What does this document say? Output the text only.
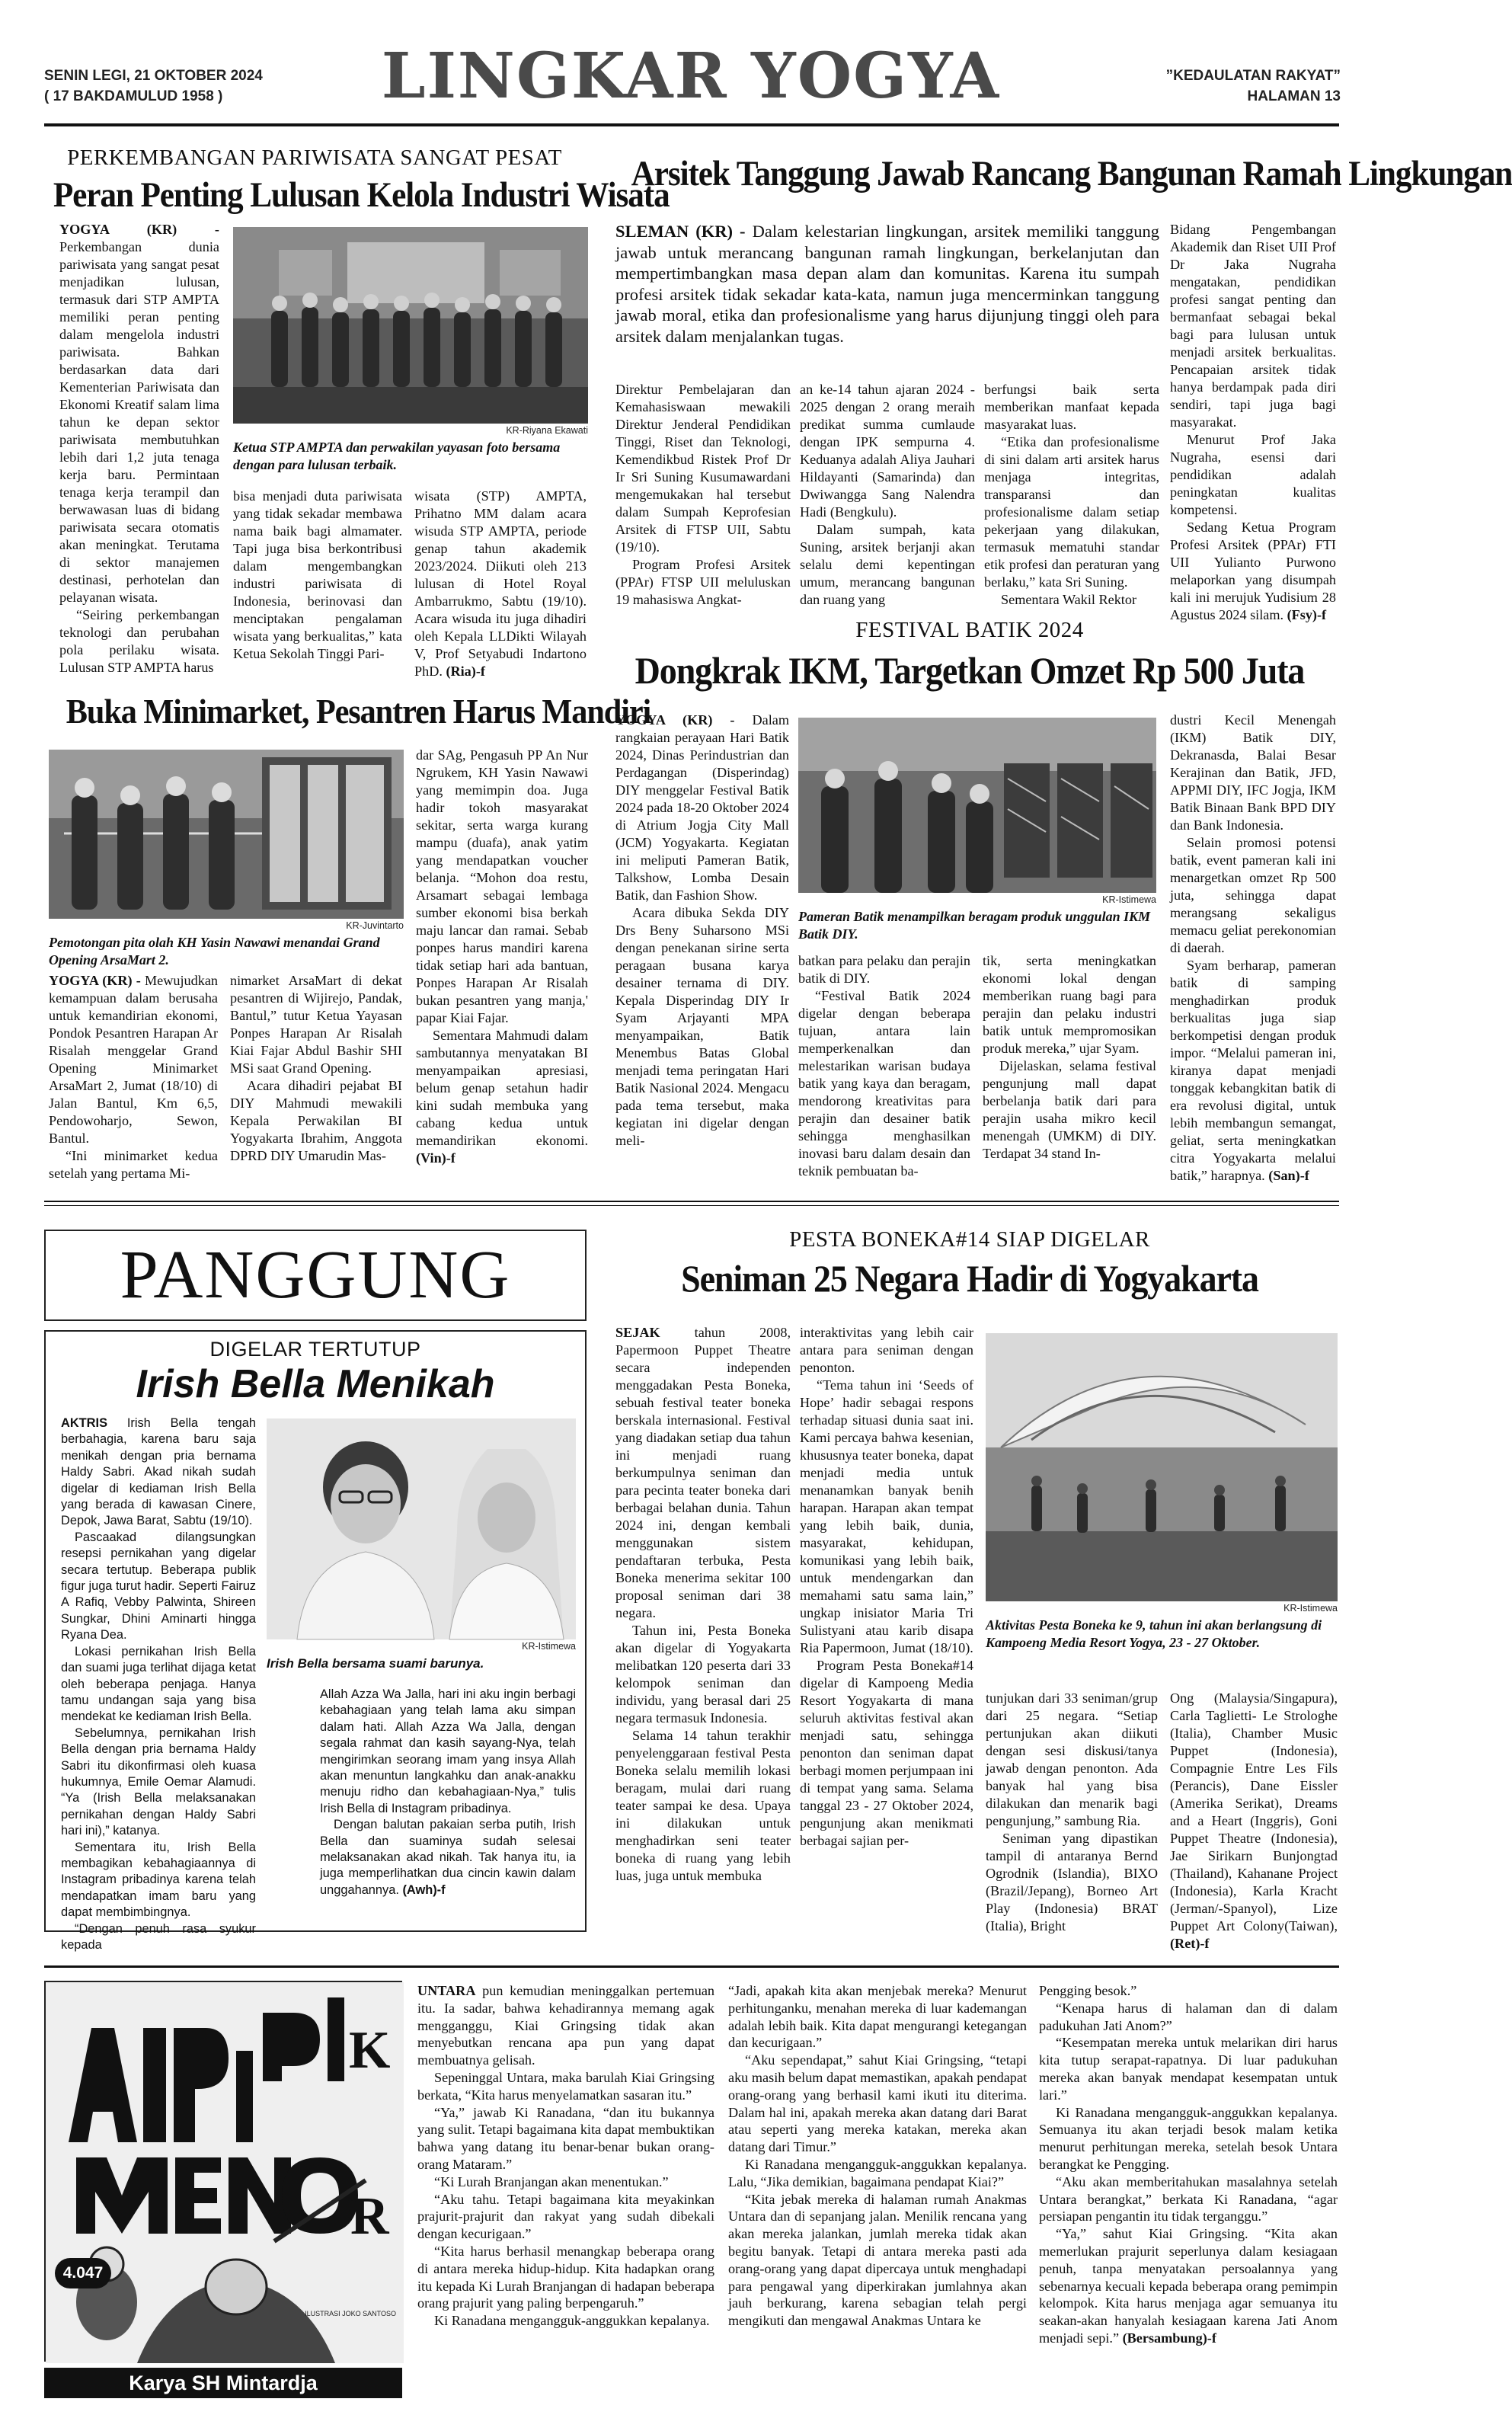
SENIN LEGI, 21 OKTOBER 2024
( 17 BAKDAMULUD 1958 )	LINGKAR YOGYA	”KEDAULATAN RAKYAT”
HALAMAN 13
PERKEMBANGAN PARIWISATA SANGAT PESAT
Peran Penting Lulusan Kelola Industri Wisata
KR-Riyana Ekawati
Ketua STP AMPTA dan perwakilan yayasan foto bersama dengan para lulusan terbaik.

YOGYA (KR) - Perkembangan dunia pariwisata yang sangat pesat menjadikan lulusan, termasuk dari STP AMPTA memiliki peran penting dalam mengelola industri pariwisata. Bahkan berdasarkan data dari Kementerian Pariwisata dan Ekonomi Kreatif salam lima tahun ke depan sektor pariwisata membutuhkan lebih dari 1,2 juta tenaga kerja baru. Permintaan tenaga kerja terampil dan berwawasan luas di bidang pariwisata secara otomatis akan meningkat. Terutama di sektor manajemen destinasi, perhotelan dan pelayanan wisata.

“Seiring perkembangan teknologi dan perubahan pola perilaku wisata. Lulusan STP AMPTA harus

bisa menjadi duta pariwisata yang tidak sekadar membawa nama baik bagi almamater. Tapi juga bisa berkontribusi dalam mengembangkan industri pariwisata di Indonesia, berinovasi dan menciptakan pengalaman wisata yang berkualitas,” kata Ketua Sekolah Tinggi Pari-

wisata (STP) AMPTA, Prihatno MM dalam acara wisuda STP AMPTA, periode genap tahun akademik 2023/2024. Diikuti oleh 213 lulusan di Hotel Royal Ambarrukmo, Sabtu (19/10). Acara wisuda itu juga dihadiri oleh Kepala LLDikti Wilayah V, Prof Setyabudi Indartono PhD. (Ria)-f

Arsitek Tanggung Jawab Rancang Bangunan Ramah Lingkungan

SLEMAN (KR) - Dalam kelestarian lingkungan, arsitek memiliki tanggung jawab untuk merancang bangunan ramah lingkungan, berkelanjutan dan mempertimbangkan masa depan alam dan komunitas. Karena itu sumpah profesi arsitek tidak sekadar kata-kata, namun juga mencerminkan tanggung jawab moral, etika dan profesionalisme yang harus dijunjung tinggi oleh para arsitek dalam menjalankan tugas.

Direktur Pembelajaran dan Kemahasiswaan mewakili Direktur Jenderal Pendidikan Tinggi, Riset dan Teknologi, Kemendikbud Ristek Prof Dr Ir Sri Suning Kusumawardani mengemukakan hal tersebut dalam Sumpah Keprofesian Arsitek di FTSP UII, Sabtu (19/10).

Program Profesi Arsitek (PPAr) FTSP UII meluluskan 19 mahasiswa Angkat-

an ke-14 tahun ajaran 2024 - 2025 dengan 2 orang meraih predikat summa cumlaude dengan IPK sempurna 4. Keduanya adalah Aliya Jauhari Hildayanti (Samarinda) dan Dwiwangga Sang Nalendra Hadi (Bengkulu).

Dalam sumpah, kata Suning, arsitek berjanji akan selalu demi kepentingan umum, merancang bangunan dan ruang yang

berfungsi baik serta memberikan manfaat kepada masyarakat luas.

“Etika dan profesionalisme di sini dalam arti arsitek harus menjaga integritas, transparansi dan profesionalisme dalam setiap pekerjaan yang dilakukan, termasuk mematuhi standar etik profesi dan peraturan yang berlaku,” kata Sri Suning.

Sementara Wakil Rektor

Bidang Pengembangan Akademik dan Riset UII Prof Dr Jaka Nugraha mengatakan, pendidikan profesi sangat penting dan bermanfaat sebagai bekal bagi para lulusan untuk menjadi arsitek berkualitas. Pencapaian arsitek tidak hanya berdampak pada diri sendiri, tapi juga bagi masyarakat.

Menurut Prof Jaka Nugraha, esensi dari pendidikan adalah peningkatan kualitas kompetensi.

Sedang Ketua Program Profesi Arsitek (PPAr) FTI UII Yulianto Purwono melaporkan yang disumpah kali ini merujuk Yudisium 28 Agustus 2024 silam. (Fsy)-f

Buka Minimarket, Pesantren Harus Mandiri
KR-Juvintarto
Pemotongan pita olah KH Yasin Nawawi menandai Grand Opening ArsaMart 2.

YOGYA (KR) - Mewujudkan kemampuan dalam berusaha untuk kemandirian ekonomi, Pondok Pesantren Harapan Ar Risalah menggelar Grand Opening Minimarket ArsaMart 2, Jumat (18/10) di Jalan Bantul, Km 6,5, Pendowoharjo, Sewon, Bantul.

“Ini minimarket kedua setelah yang pertama Mi-

nimarket ArsaMart di dekat pesantren di Wijirejo, Pandak, Bantul,” tutur Ketua Yayasan Ponpes Harapan Ar Risalah Kiai Fajar Abdul Bashir SHI MSi saat Grand Opening.

Acara dihadiri pejabat BI DIY Mahmudi mewakili Kepala Perwakilan BI Yogyakarta Ibrahim, Anggota DPRD DIY Umarudin Mas-

dar SAg, Pengasuh PP An Nur Ngrukem, KH Yasin Nawawi yang memimpin doa. Juga hadir tokoh masyarakat sekitar, serta warga kurang mampu (duafa), anak yatim yang mendapatkan voucher belanja. “Mohon doa restu, Arsamart sebagai lembaga sumber ekonomi bisa berkah maju lancar dan ramai. Sebab ponpes harus mandiri karena tidak setiap hari ada bantuan, Ponpes Harapan Ar Risalah bukan pesantren yang manja,' papar Kiai Fajar.

Sementara Mahmudi dalam sambutannya menyatakan BI menyampaikan apresiasi, belum genap setahun hadir kini sudah membuka yang cabang kedua untuk memandirikan ekonomi. (Vin)-f

FESTIVAL BATIK 2024
Dongkrak IKM, Targetkan Omzet Rp 500 Juta

YOGYA (KR) - Dalam rangkaian perayaan Hari Batik 2024, Dinas Perindustrian dan Perdagangan (Disperindag) DIY menggelar Festival Batik 2024 pada 18-20 Oktober 2024 di Atrium Jogja City Mall (JCM) Yogyakarta. Kegiatan ini meliputi Pameran Batik, Talkshow, Lomba Desain Batik, dan Fashion Show.

Acara dibuka Sekda DIY Drs Beny Suharsono MSi dengan penekanan sirine serta peragaan busana karya desainer ternama di DIY. Kepala Disperindag DIY Ir Syam Arjayanti MPA menyampaikan, Batik Menembus Batas Global menjadi tema peringatan Hari Batik Nasional 2024. Mengacu pada tema tersebut, maka kegiatan ini digelar dengan meli-

KR-Istimewa
Pameran Batik menampilkan beragam produk unggulan IKM Batik DIY.

batkan para pelaku dan perajin batik di DIY.

“Festival Batik 2024 digelar dengan beberapa tujuan, antara lain memperkenalkan dan melestarikan warisan budaya batik yang kaya dan beragam, mendorong kreativitas para perajin dan desainer batik sehingga menghasilkan inovasi baru dalam desain dan teknik pembuatan ba-

tik, serta meningkatkan ekonomi lokal dengan memberikan ruang bagi para perajin dan pelaku industri batik untuk mempromosikan produk mereka,” ujar Syam.

Dijelaskan, selama festival pengunjung mall dapat berbelanja batik dari para perajin usaha mikro kecil menengah (UMKM) di DIY. Terdapat 34 stand In-

dustri Kecil Menengah (IKM) Batik DIY, Dekranasda, Balai Besar Kerajinan dan Batik, JFD, APPMI DIY, IFC Jogja, IKM Batik Binaan Bank BPD DIY dan Bank Indonesia.

Selain promosi potensi batik, event pameran kali ini menargetkan omzet Rp 500 juta, sehingga dapat merangsang sekaligus memacu geliat perekonomian di daerah.

Syam berharap, pameran batik di samping menghadirkan produk berkualitas juga siap berkompetisi dengan produk impor. “Melalui pameran ini, kiranya dapat menjadi tonggak kebangkitan batik di era revolusi digital, untuk lebih membangun semangat, geliat, serta meningkatkan citra Yogyakarta melalui batik,” harapnya. (San)-f

PANGGUNG
DIGELAR TERTUTUP
Irish Bella Menikah
KR-Istimewa
Irish Bella bersama suami barunya.

AKTRIS Irish Bella tengah berbahagia, karena baru saja menikah dengan pria bernama Haldy Sabri. Akad nikah sudah digelar di kediaman Irish Bella yang berada di kawasan Cinere, Depok, Jawa Barat, Sabtu (19/10).

Pascaakad dilangsungkan resepsi pernikahan yang digelar secara tertutup. Beberapa publik figur juga turut hadir. Seperti Fairuz A Rafiq, Vebby Palwinta, Shireen Sungkar, Dhini Aminarti hingga Ryana Dea.

Lokasi pernikahan Irish Bella dan suami juga terlihat dijaga ketat oleh beberapa penjaga. Hanya tamu undangan saja yang bisa mendekat ke kediaman Irish Bella.

Sebelumnya, pernikahan Irish Bella dengan pria bernama Haldy Sabri itu dikonfirmasi oleh kuasa hukumnya, Emile Oemar Alamudi. “Ya (Irish Bella melaksanakan pernikahan dengan Haldy Sabri hari ini),” katanya.

Sementara itu, Irish Bella membagikan kebahagiaannya di Instagram pribadinya karena telah mendapatkan imam baru yang dapat membimbingnya.

“Dengan penuh rasa syukur kepada

Allah Azza Wa Jalla, hari ini aku ingin berbagi kebahagiaan yang telah lama aku simpan dalam hati. Allah Azza Wa Jalla, dengan segala rahmat dan kasih sayang-Nya, telah mengirimkan seorang imam yang insya Allah akan menuntun langkahku dan anak-anakku menuju ridho dan kebahagiaan-Nya,” tulis Irish Bella di Instagram pribadinya.

Dengan balutan pakaian serba putih, Irish Bella dan suaminya sudah selesai melaksanakan akad nikah. Tak hanya itu, ia juga memperlihatkan dua cincin kawin dalam unggahannya. (Awh)-f

PESTA BONEKA#14 SIAP DIGELAR
Seniman 25 Negara Hadir di Yogyakarta

SEJAK tahun 2008, Papermoon Puppet Theatre secara independen menggadakan Pesta Boneka, sebuah festival teater boneka berskala internasional. Festival yang diadakan setiap dua tahun ini menjadi ruang berkumpulnya seniman dan para pecinta teater boneka dari berbagai belahan dunia. Tahun 2024 ini, dengan kembali menggunakan sistem pendaftaran terbuka, Pesta Boneka menerima sekitar 100 proposal seniman dari 38 negara.

Tahun ini, Pesta Boneka akan digelar di Yogyakarta melibatkan 120 peserta dari 33 kelompok seniman dan individu, yang berasal dari 25 negara termasuk Indonesia.

Selama 14 tahun terakhir penyelenggaraan festival Pesta Boneka selalu memilih lokasi beragam, mulai dari ruang teater sampai ke desa. Upaya ini dilakukan untuk menghadirkan seni teater boneka di ruang yang lebih luas, juga untuk membuka

interaktivitas yang lebih cair antara para seniman dengan penonton.

“Tema tahun ini ‘Seeds of Hope’ hadir sebagai respons terhadap situasi dunia saat ini. Kami percaya bahwa kesenian, khususnya teater boneka, dapat menjadi media untuk menanamkan banyak benih harapan. Harapan akan tempat yang lebih baik, dunia, masyarakat, kehidupan, komunikasi yang lebih baik, untuk mendengarkan dan memahami satu sama lain,” ungkap inisiator Maria Tri Sulistyani atau karib disapa Ria Papermoon, Jumat (18/10).

Program Pesta Boneka#14 digelar di Kampoeng Media Resort Yogyakarta di mana seluruh aktivitas festival akan menjadi satu, sehingga penonton dan seniman dapat berbagi momen perjumpaan ini di tempat yang sama. Selama tanggal 23 - 27 Oktober 2024, pengunjung akan menikmati berbagai sajian per-

KR-Istimewa
Aktivitas Pesta Boneka ke 9, tahun ini akan berlangsung di Kampoeng Media Resort Yogya, 23 - 27 Oktober.

tunjukan dari 33 seniman/grup dari 25 negara. “Setiap pertunjukan akan diikuti dengan sesi diskusi/tanya jawab dengan penonton. Ada banyak hal yang bisa dilakukan dan menarik bagi pengunjung,” sambung Ria.

Seniman yang dipastikan tampil di antaranya Bernd Ogrodnik (Islandia), BIXO (Brazil/Jepang), Borneo Art Play (Indonesia) BRAT (Italia), Bright

Ong (Malaysia/Singapura), Carla Taglietti- Le Strologhe (Italia), Chamber Music Puppet (Indonesia), Compagnie Entre Les Fils (Perancis), Dane Eissler (Amerika Serikat), Dreams and a Heart (Inggris), Goni Puppet Theatre (Indonesia), Jae Sirikarn Bunjongtad (Thailand), Kahanane Project (Indonesia), Karla Kracht (Jerman/-Spanyol), Lize Puppet Art Colony(Taiwan), (Ret)-f

K
R
4.047
ILUSTRASI JOKO SANTOSO
Karya SH Mintardja

UNTARA pun kemudian meninggalkan pertemuan itu. Ia sadar, bahwa kehadirannya memang agak mengganggu, Kiai Gringsing tidak akan menyebutkan rencana apa pun yang dapat membuatnya gelisah.

Sepeninggal Untara, maka barulah Kiai Gringsing berkata, “Kita harus menyelamatkan sasaran itu.”

“Ya,” jawab Ki Ranadana, “dan itu bukannya yang sulit. Tetapi bagaimana kita dapat membuktikan bahwa yang datang itu benar-benar bukan orang-orang Mataram.”

“Ki Lurah Branjangan akan menentukan.”

“Aku tahu. Tetapi bagaimana kita meyakinkan prajurit-prajurit dan rakyat yang sudah dibekali dengan kecurigaan.”

“Kita harus berhasil menangkap beberapa orang di antara mereka hidup-hidup. Kita hadapkan orang itu kepada Ki Lurah Branjangan di hadapan beberapa orang prajurit yang paling berpengaruh.”

Ki Ranadana mengangguk-anggukkan kepalanya.

“Jadi, apakah kita akan menjebak mereka? Menurut perhitunganku, menahan mereka di luar kademangan adalah lebih baik. Kita dapat mengurangi ketegangan dan kecurigaan.”

“Aku sependapat,” sahut Kiai Gringsing, “tetapi aku masih belum dapat memastikan, apakah pendapat orang-orang yang berhasil kami ikuti itu diterima. Dalam hal ini, apakah mereka akan datang dari Barat atau seperti yang mereka katakan, mereka akan datang dari Timur.”

Ki Ranadana mengangguk-anggukkan kepalanya. Lalu, “Jika demikian, bagaimana pendapat Kiai?”

“Kita jebak mereka di halaman rumah Anakmas Untara dan di sepanjang jalan. Menilik rencana yang akan mereka jalankan, jumlah mereka tidak akan begitu banyak. Tetapi di antara mereka pasti ada orang-orang yang dapat dipercaya untuk menghadapi para pengawal yang diperkirakan jumlahnya akan jauh berkurang, karena sebagian telah pergi mengikuti dan mengawal Anakmas Untara ke

Pengging besok.”

“Kenapa harus di halaman dan di dalam padukuhan Jati Anom?”

“Kesempatan mereka untuk melarikan diri harus kita tutup serapat-rapatnya. Di luar padukuhan mereka akan banyak mendapat kesempatan untuk lari.”

Ki Ranadana mengangguk-anggukkan kepalanya. Semuanya itu akan terjadi besok malam ketika menurut perhitungan mereka, setelah besok Untara berangkat ke Pengging.

“Aku akan memberitahukan masalahnya setelah Untara berangkat,” berkata Ki Ranadana, “agar persiapan pengantin itu tidak terganggu.”

“Ya,” sahut Kiai Gringsing. “Kita akan memerlukan prajurit seperlunya dalam kesiagaan penuh, tanpa menyatakan persoalannya yang sebenarnya kecuali kepada beberapa orang pemimpin kelompok. Kita harus menjaga agar semuanya itu seakan-akan hanyalah kesiagaan karena Jati Anom menjadi sepi.” (Bersambung)-f
